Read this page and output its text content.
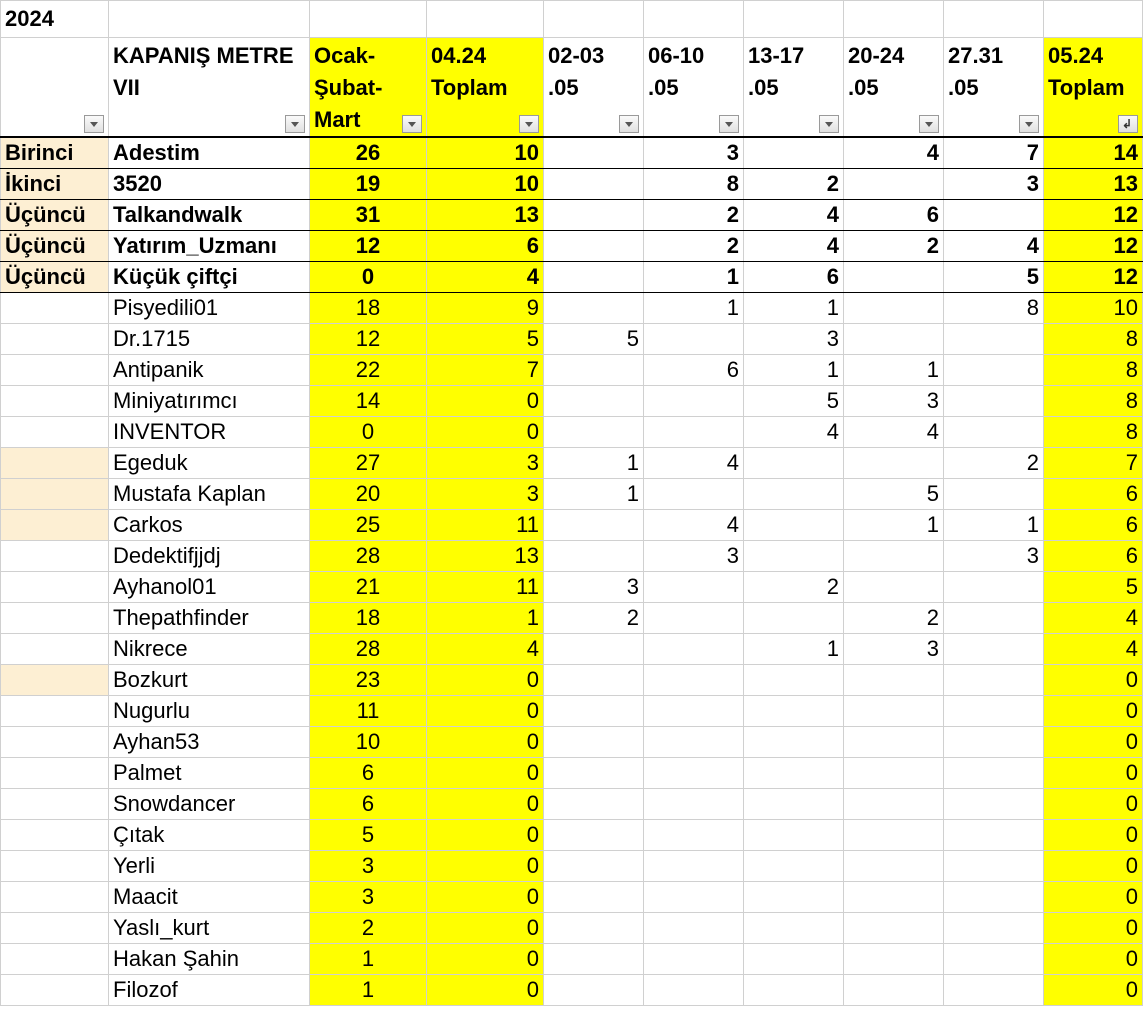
2024									

	KAPANIŞ METRE VII	Ocak-Şubat-Mart	04.24 Toplam	02-03 .05	06-10 .05	13-17 .05	20-24 .05	27.31 .05	05.24 Toplam
↲

Birinci	Adestim	26	10		3		4	7	14
İkinci	3520	19	10		8	2		3	13
Üçüncü	Talkandwalk	31	13		2	4	6		12
Üçüncü	Yatırım_Uzmanı	12	6		2	4	2	4	12
Üçüncü	Küçük çiftçi	0	4		1	6		5	12
	Pisyedili01	18	9		1	1		8	10
	Dr.1715	12	5	5		3			8
	Antipanik	22	7		6	1	1		8
	Miniyatırımcı	14	0			5	3		8
	INVENTOR	0	0			4	4		8
	Egeduk	27	3	1	4			2	7
	Mustafa Kaplan	20	3	1			5		6
	Carkos	25	11		4		1	1	6
	Dedektifjjdj	28	13		3			3	6
	Ayhanol01	21	11	3		2			5
	Thepathfinder	18	1	2			2		4
	Nikrece	28	4			1	3		4
	Bozkurt	23	0						0
	Nugurlu	11	0						0
	Ayhan53	10	0						0
	Palmet	6	0						0
	Snowdancer	6	0						0
	Çıtak	5	0						0
	Yerli	3	0						0
	Maacit	3	0						0
	Yaslı_kurt	2	0						0
	Hakan Şahin	1	0						0
	Filozof	1	0						0
